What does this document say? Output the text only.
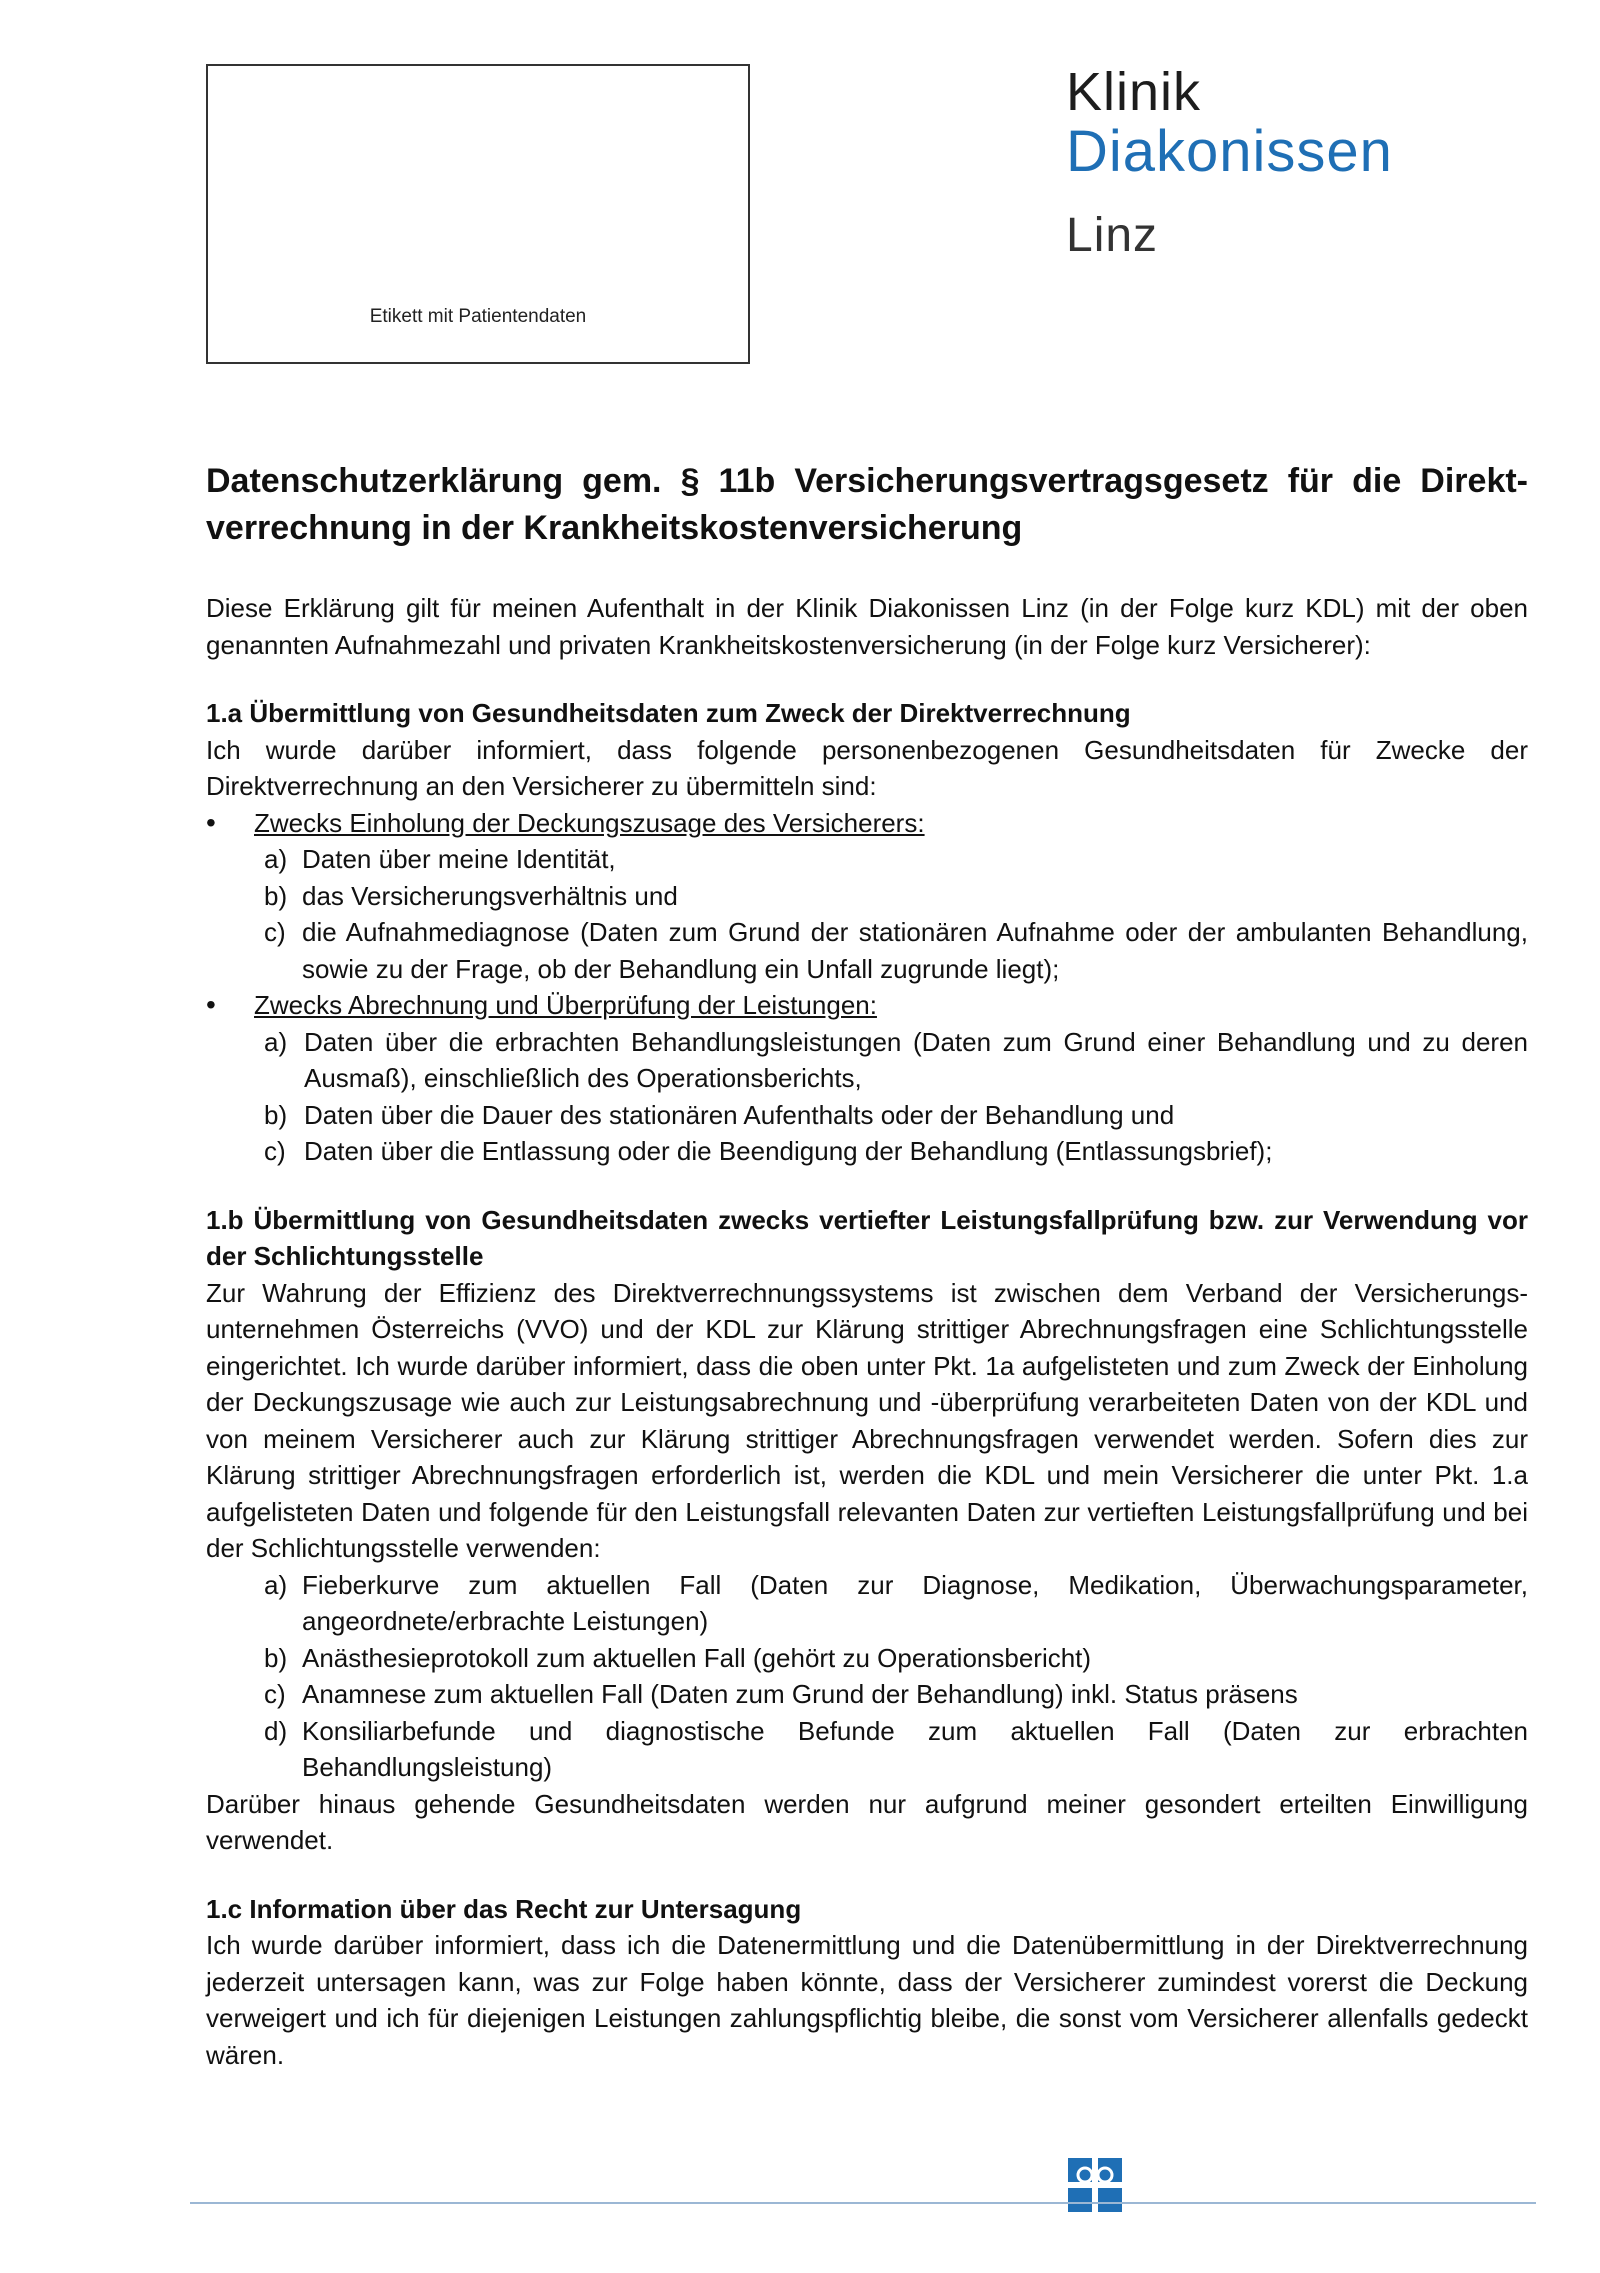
Etikett mit Patientendaten
Klinik
Diakonissen
Linz
Datenschutzerklärung gem. § 11b Versicherungsvertragsgesetz für die Direkt-verrechnung in der Krankheitskostenversicherung

Diese Erklärung gilt für meinen Aufenthalt in der Klinik Diakonissen Linz (in der Folge kurz KDL) mit der oben genannten Aufnahmezahl und privaten Krankheitskostenversicherung (in der Folge kurz Versicherer):

1.a Übermittlung von Gesundheitsdaten zum Zweck der Direktverrechnung

Ich wurde darüber informiert, dass folgende personenbezogenen Gesundheitsdaten für Zwecke der Direktverrechnung an den Versicherer zu übermitteln sind:

• Zwecks Einholung der Deckungszusage des Versicherers:
a) Daten über meine Identität,
b) das Versicherungsverhältnis und
c) die Aufnahmediagnose (Daten zum Grund der stationären Aufnahme oder der ambulanten Behandlung, sowie zu der Frage, ob der Behandlung ein Unfall zugrunde liegt);
• Zwecks Abrechnung und Überprüfung der Leistungen:
a) Daten über die erbrachten Behandlungsleistungen (Daten zum Grund einer Behandlung und zu deren Ausmaß), einschließlich des Operationsberichts,
b) Daten über die Dauer des stationären Aufenthalts oder der Behandlung und
c) Daten über die Entlassung oder die Beendigung der Behandlung (Entlassungsbrief);

1.b Übermittlung von Gesundheitsdaten zwecks vertiefter Leistungsfallprüfung bzw. zur Verwendung vor der Schlichtungsstelle

Zur Wahrung der Effizienz des Direktverrechnungssystems ist zwischen dem Verband der Versicherungs-unternehmen Österreichs (VVO) und der KDL zur Klärung strittiger Abrechnungsfragen eine Schlichtungsstelle eingerichtet. Ich wurde darüber informiert, dass die oben unter Pkt. 1a aufgelisteten und zum Zweck der Einholung der Deckungszusage wie auch zur Leistungsabrechnung und -überprüfung verarbeiteten Daten von der KDL und von meinem Versicherer auch zur Klärung strittiger Abrechnungsfragen verwendet werden. Sofern dies zur Klärung strittiger Abrechnungsfragen erforderlich ist, werden die KDL und mein Versicherer die unter Pkt. 1.a aufgelisteten Daten und folgende für den Leistungsfall relevanten Daten zur vertieften Leistungsfallprüfung und bei der Schlichtungsstelle verwenden:

a) Fieberkurve zum aktuellen Fall (Daten zur Diagnose, Medikation, Überwachungsparameter, angeordnete/erbrachte Leistungen)
b) Anästhesieprotokoll zum aktuellen Fall (gehört zu Operationsbericht)
c) Anamnese zum aktuellen Fall (Daten zum Grund der Behandlung) inkl. Status präsens
d) Konsiliarbefunde und diagnostische Befunde zum aktuellen Fall (Daten zur erbrachten Behandlungsleistung)

Darüber hinaus gehende Gesundheitsdaten werden nur aufgrund meiner gesondert erteilten Einwilligung verwendet.

1.c Information über das Recht zur Untersagung

Ich wurde darüber informiert, dass ich die Datenermittlung und die Datenübermittlung in der Direktverrechnung jederzeit untersagen kann, was zur Folge haben könnte, dass der Versicherer zumindest vorerst die Deckung verweigert und ich für diejenigen Leistungen zahlungspflichtig bleibe, die sonst vom Versicherer allenfalls gedeckt wären.
